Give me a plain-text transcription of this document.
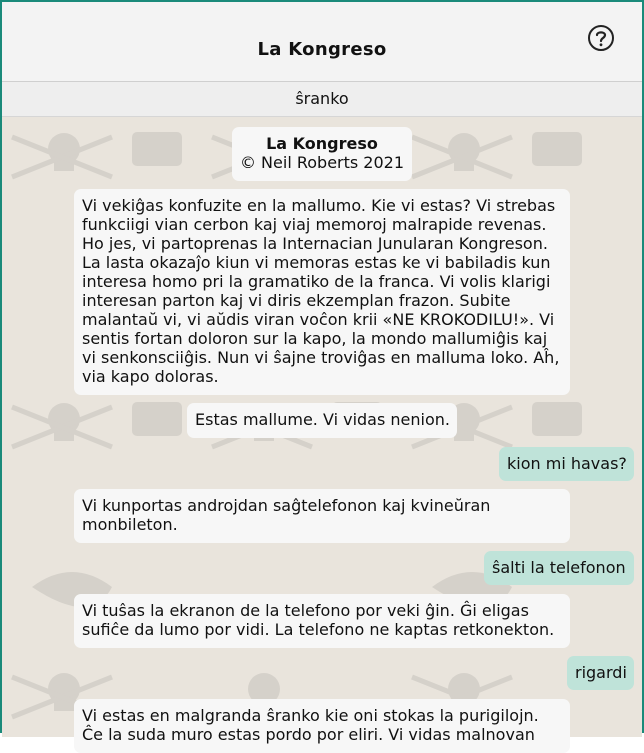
La Kongreso
ŝranko
La Kongreso
© Neil Roberts 2021
Vi vekiĝas konfuzite en la mallumo. Kie vi estas? Vi strebas funkciigi vian cerbon kaj viaj memoroj malrapide revenas. Ho jes, vi partoprenas la Internacian Junularan Kongreson. La lasta okazaĵo kiun vi memoras estas ke vi babiladis kun interesa homo pri la gramatiko de la franca. Vi volis klarigi interesan parton kaj vi diris ekzemplan frazon. Subite malantaŭ vi, vi aŭdis viran voĉon krii «NE KROKODILU!». Vi sentis fortan doloron sur la kapo, la mondo mallumiĝis kaj vi senkonsciiĝis. Nun vi ŝajne troviĝas en malluma loko. Aĥ, via kapo doloras.
Estas mallume. Vi vidas nenion.
kion mi havas?
Vi kunportas androjdan saĝtelefonon kaj kvineŭran monbileton.
ŝalti la telefonon
Vi tuŝas la ekranon de la telefono por veki ĝin. Ĝi eligas sufiĉe da lumo por vidi. La telefono ne kaptas retkonekton.
rigardi
Vi estas en malgranda ŝranko kie oni stokas la purigilojn. Ĉe la suda muro estas pordo por eliri. Vi vidas malnovan
